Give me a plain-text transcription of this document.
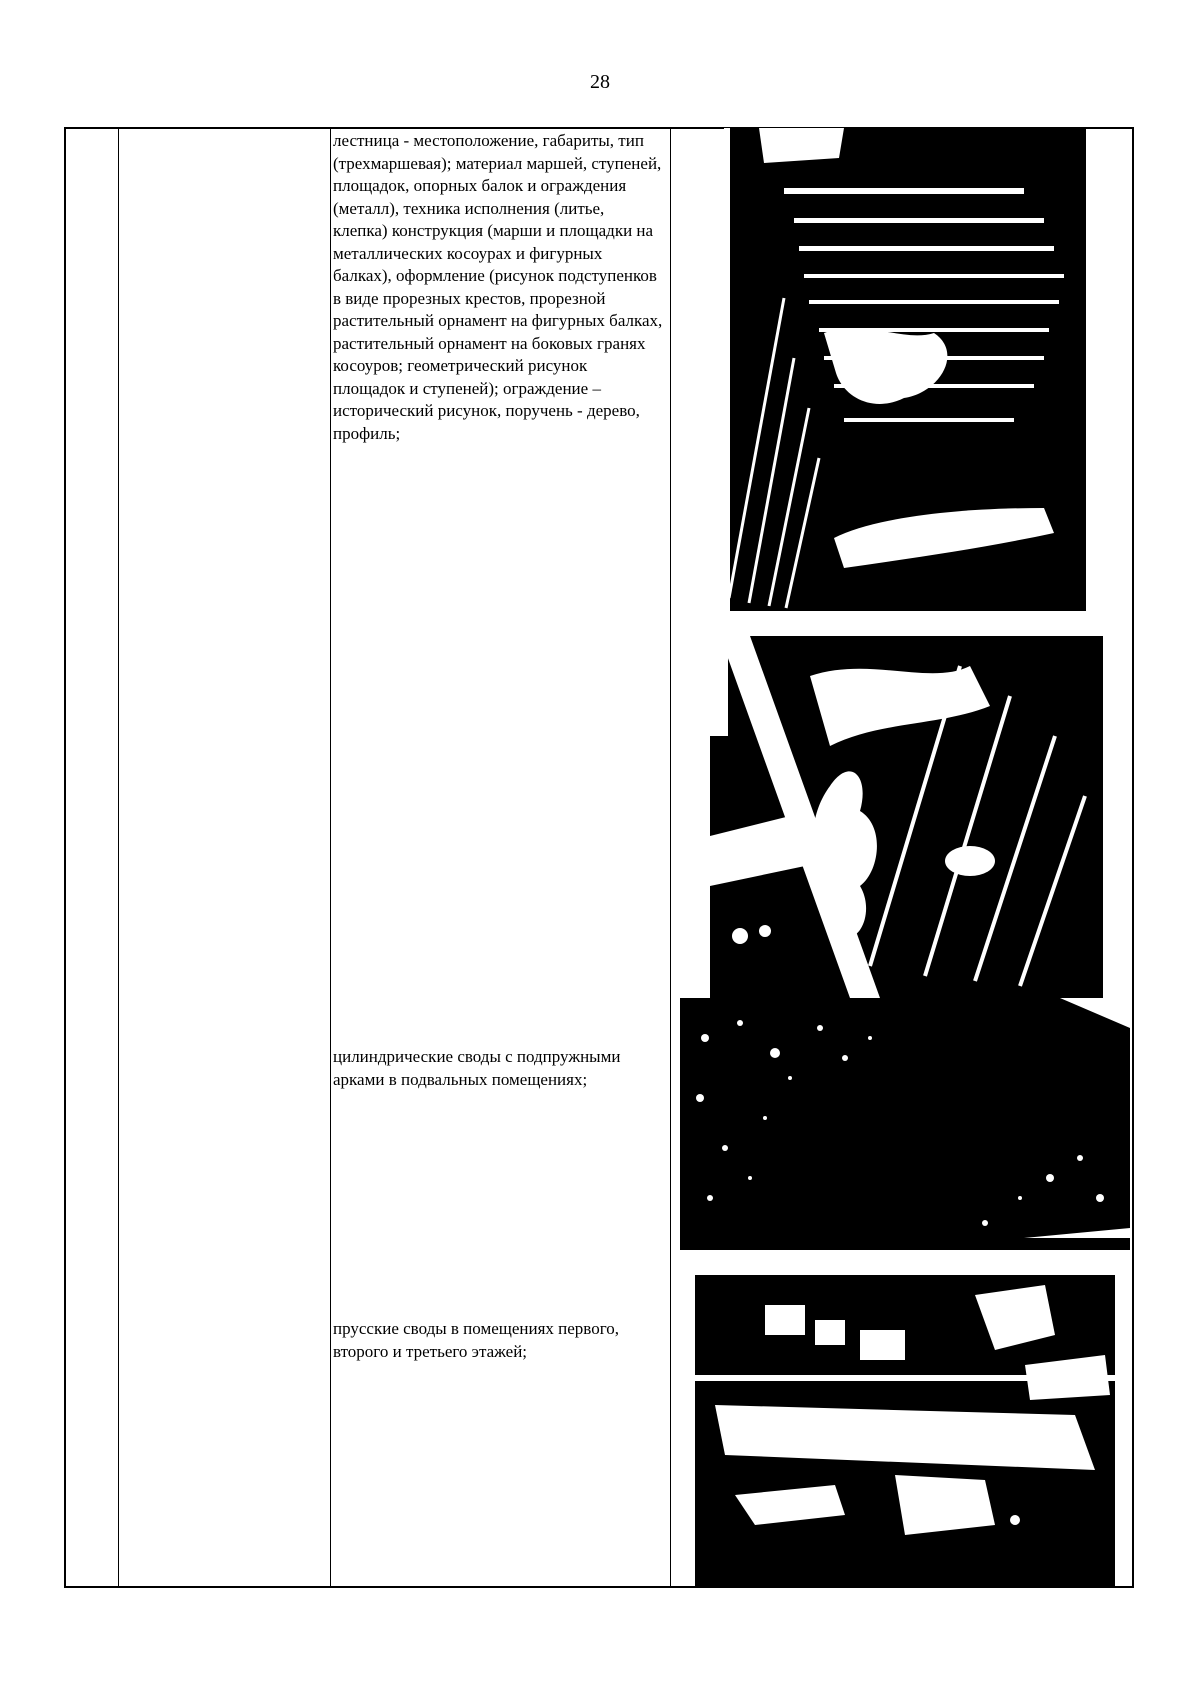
28
лестница - местоположение, габариты, тип (трехмаршевая); материал маршей, ступеней, площадок, опорных балок и ограждения (металл), техника исполнения (литье, клепка) конструкция (марши и площадки на металлических косоурах и фигурных балках), оформление (рисунок подступенков в виде прорезных крестов, прорезной растительный орнамент на фигурных балках, растительный орнамент на боковых гранях косоуров; геометрический рисунок площадок и ступеней); ограждение – исторический рисунок, поручень - дерево, профиль;
цилиндрические своды с подпружными арками в подвальных помещениях;
прусские своды в помещениях первого, второго и третьего этажей;
